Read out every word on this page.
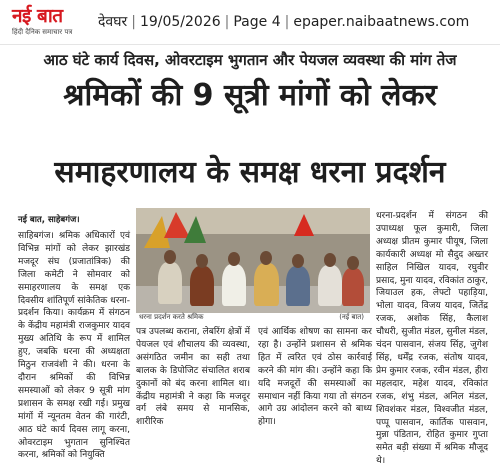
नई बात
हिंदी दैनिक समाचार पत्र
देवघर | 19/05/2026 | Page 4 | epaper.naibaatnews.com
आठ घंटे कार्य दिवस, ओवरटाइम भुगतान और पेयजल व्यवस्था की मांग तेज
श्रमिकों की 9 सूत्री मांगों को लेकर
समाहरणालय के समक्ष धरना प्रदर्शन
नई बात, साहेबगंज।
साहिबगंज। श्रमिक अधिकारों एवं विभिन्न मांगों को लेकर झारखंड मजदूर संघ (प्रजातांत्रिक) की जिला कमेटी ने सोमवार को समाहरणालय के समक्ष एक दिवसीय शांतिपूर्ण सांकेतिक धरना-प्रदर्शन किया। कार्यक्रम में संगठन के केंद्रीय महामंत्री राजकुमार यादव मुख्य अतिथि के रूप में शामिल हुए, जबकि धरना की अध्यक्षता मिठुन राजवंशी ने की। धरना के दौरान श्रमिकों की विभिन्न समस्याओं को लेकर 9 सूत्री मांग प्रशासन के समक्ष रखी गई। प्रमुख मांगों में न्यूनतम वेतन की गारंटी, आठ घंटे कार्य दिवस लागू करना, ओवरटाइम भुगतान सुनिश्चित करना, श्रमिकों को नियुक्ति
धरना प्रदर्शन करते श्रमिक	(नई बात)
पत्र उपलब्ध कराना, लेबरिंग क्षेत्रों में पेयजल एवं शौचालय की व्यवस्था, असंगठित जमीन का सही तथा बालक के डिपोजिट संचालित शराब दुकानों को बंद करना शामिल था। केंद्रीय महामंत्री ने कहा कि मजदूर वर्ग लंबे समय से मानसिक, शारीरिक
एवं आर्थिक शोषण का सामना कर रहा है। उन्होंने प्रशासन से श्रमिक हित में त्वरित एवं ठोस कार्रवाई करने की मांग की। उन्होंने कहा कि यदि मजदूरों की समस्याओं का समाधान नहीं किया गया तो संगठन आगे उग्र आंदोलन करने को बाध्य होगा।
धरना-प्रदर्शन में संगठन की उपाध्यक्ष फूल कुमारी, जिला अध्यक्ष प्रीतम कुमार पीयूष, जिला कार्यकारी अध्यक्ष मो सैदुद अख्तर साहिल निखिल यादव, रघुवीर प्रसाद, मुना यादव, रविकांत ठाकुर, जियाउल हक, लेफ्टो पहाड़िया, भोला यादव, विजय यादव, जितेंद्र रजक, अशोक सिंह, कैलाश चौधरी, सुजीत मंडल, सुनील मंडल, चंदन पासवान, संजय सिंह, जुगेश सिंह, धर्मेंद्र रजक, संतोष यादव, प्रेम कुमार रजक, रवीन मंडल, हीरा महलदार, महेश यादव, रविकांत रजक, शंभु मंडल, अनिल मंडल, शिवशंकर मंडल, विश्वजीत मंडल, पप्पू पासवान, कार्तिक पासवान, मुन्ना पंडितान, रोहित कुमार गुप्ता समेत बड़ी संख्या में श्रमिक मौजूद थे।
